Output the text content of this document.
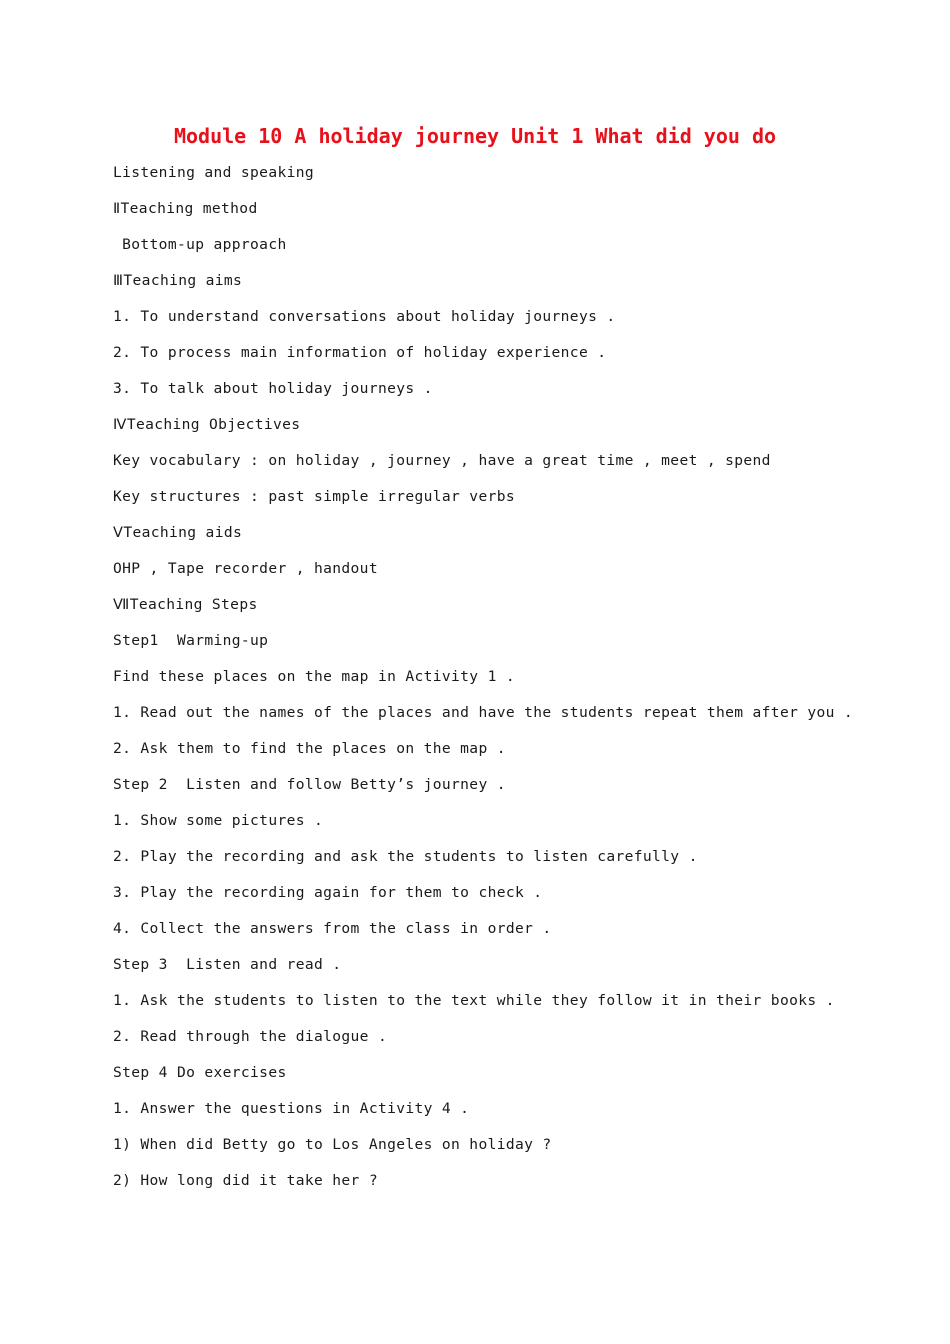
Module 10 A holiday journey Unit 1 What did you do
Listening and speaking
ⅡTeaching method
Bottom-up approach
ⅢTeaching aims
1. To understand conversations about holiday journeys .
2. To process main information of holiday experience .
3. To talk about holiday journeys .
ⅣTeaching Objectives
Key vocabulary : on holiday , journey , have a great time , meet , spend
Key structures : past simple irregular verbs
ⅤTeaching aids
OHP , Tape recorder , handout
ⅦTeaching Steps
Step1  Warming-up
Find these places on the map in Activity 1 .
1. Read out the names of the places and have the students repeat them after you .
2. Ask them to find the places on the map .
Step 2  Listen and follow Betty’s journey .
1. Show some pictures .
2. Play the recording and ask the students to listen carefully .
3. Play the recording again for them to check .
4. Collect the answers from the class in order .
Step 3  Listen and read .
1. Ask the students to listen to the text while they follow it in their books .
2. Read through the dialogue .
Step 4 Do exercises
1. Answer the questions in Activity 4 .
1) When did Betty go to Los Angeles on holiday ?
2) How long did it take her ?
